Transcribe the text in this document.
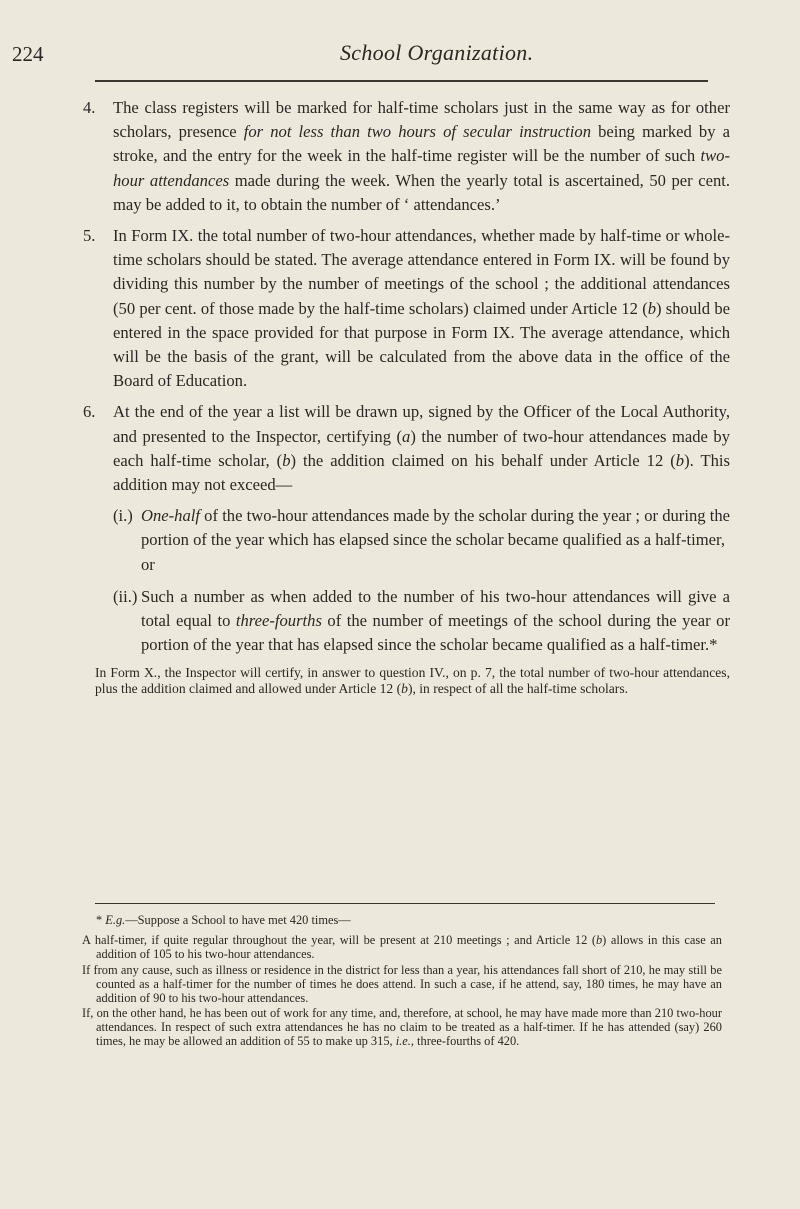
224	School Organization.
4. The class registers will be marked for half-time scholars just in the same way as for other scholars, presence for not less than two hours of secular instruction being marked by a stroke, and the entry for the week in the half-time register will be the number of such two-hour attendances made during the week. When the yearly total is ascertained, 50 per cent. may be added to it, to obtain the number of ‘ attendances.’
5. In Form IX. the total number of two-hour attendances, whether made by half-time or whole-time scholars should be stated. The average attendance entered in Form IX. will be found by dividing this number by the number of meetings of the school ; the additional attendances (50 per cent. of those made by the half-time scholars) claimed under Article 12 (b) should be entered in the space provided for that purpose in Form IX. The average attendance, which will be the basis of the grant, will be calculated from the above data in the office of the Board of Education.
6. At the end of the year a list will be drawn up, signed by the Officer of the Local Authority, and presented to the Inspector, certifying (a) the number of two-hour attendances made by each half-time scholar, (b) the addition claimed on his behalf under Article 12 (b). This addition may not exceed—
(i.) One-half of the two-hour attendances made by the scholar during the year ; or during the portion of the year which has elapsed since the scholar became qualified as a half-timer,

or

(ii.) Such a number as when added to the number of his two-hour attendances will give a total equal to three-fourths of the number of meetings of the school during the year or portion of the year that has elapsed since the scholar became qualified as a half-timer.*

In Form X., the Inspector will certify, in answer to question IV., on p. 7, the total number of two-hour attendances, plus the addition claimed and allowed under Article 12 (b), in respect of all the half-time scholars.

* E.g.—Suppose a School to have met 420 times—

A half-timer, if quite regular throughout the year, will be present at 210 meetings ; and Article 12 (b) allows in this case an addition of 105 to his two-hour attendances.

If from any cause, such as illness or residence in the district for less than a year, his attendances fall short of 210, he may still be counted as a half-timer for the number of times he does attend. In such a case, if he attend, say, 180 times, he may have an addition of 90 to his two-hour attendances.

If, on the other hand, he has been out of work for any time, and, therefore, at school, he may have made more than 210 two-hour attendances. In respect of such extra attendances he has no claim to be treated as a half-timer. If he has attended (say) 260 times, he may be allowed an addition of 55 to make up 315, i.e., three-fourths of 420.
